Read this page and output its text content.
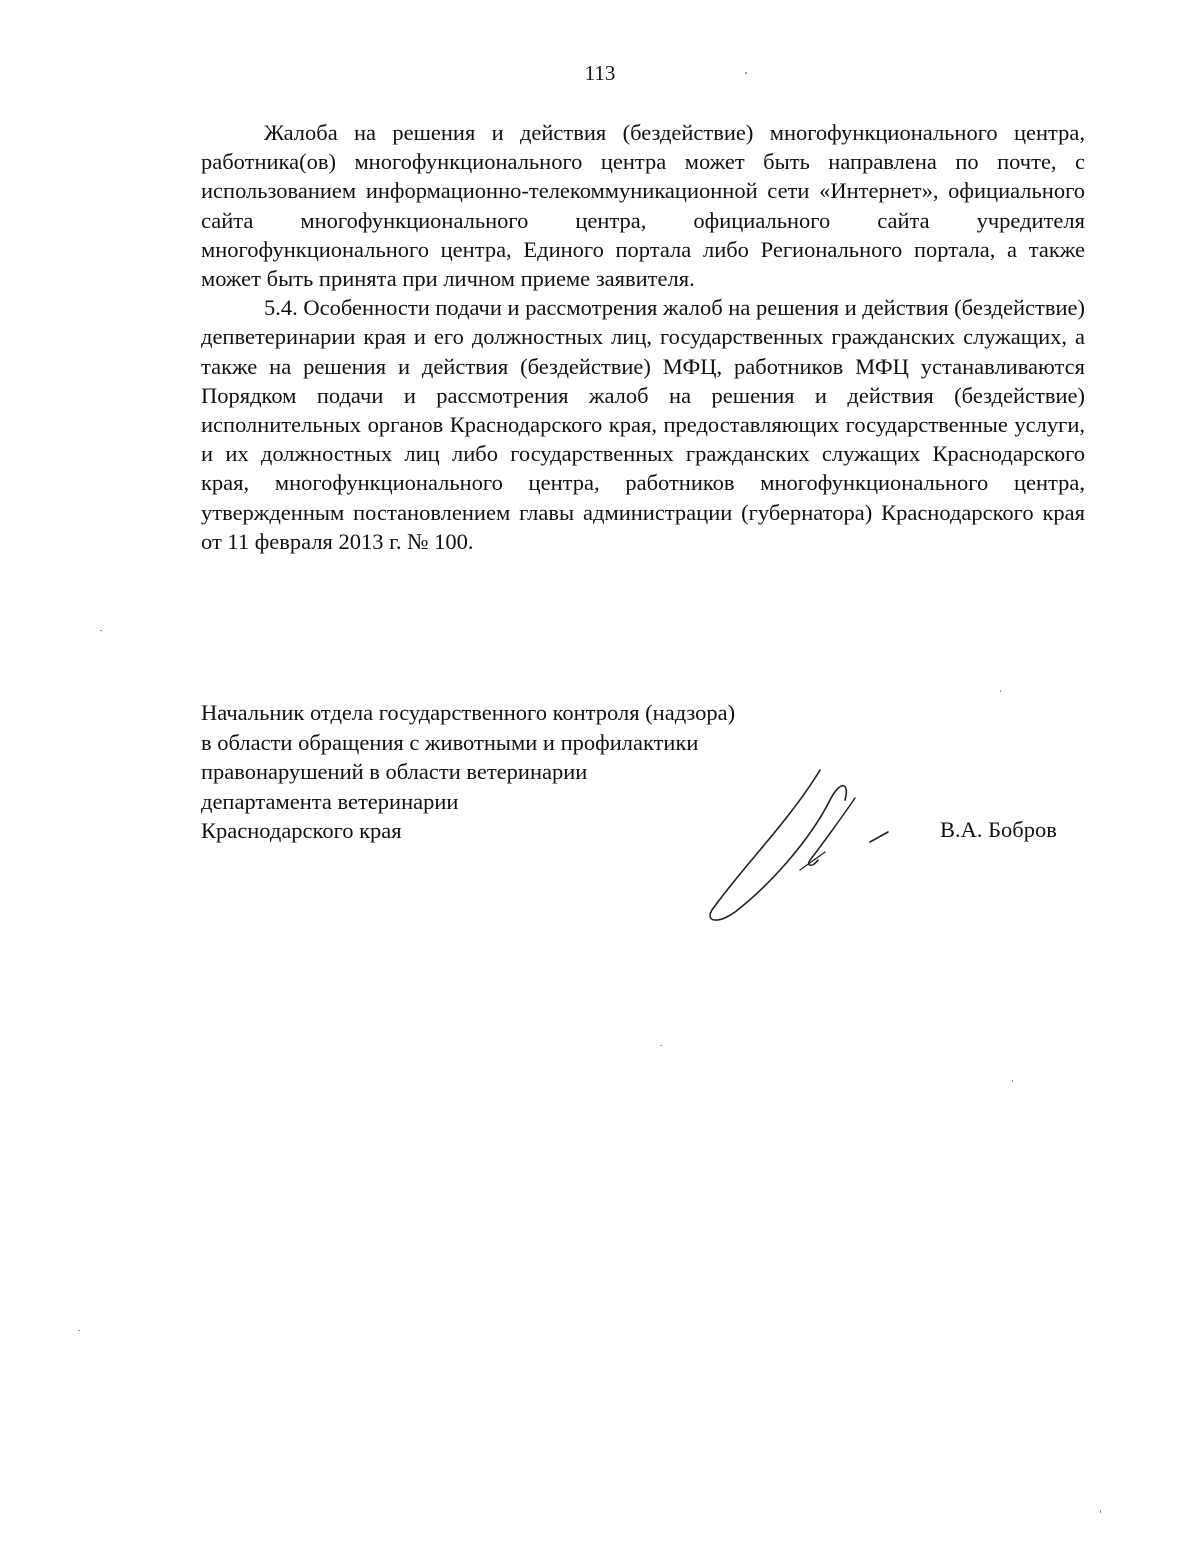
113

Жалоба на решения и действия (бездействие) многофункционального центра, работника(ов) многофункционального центра может быть направлена по почте, с использованием информационно-телекоммуникационной сети «Интернет», официального сайта многофункционального центра, официального сайта учредителя многофункционального центра, Единого портала либо Регионального портала, а также может быть принята при личном приеме заявителя.

5.4. Особенности подачи и рассмотрения жалоб на решения и действия (бездействие) депветеринарии края и его должностных лиц, государственных гражданских служащих, а также на решения и действия (бездействие) МФЦ, работников МФЦ устанавливаются Порядком подачи и рассмотрения жалоб на решения и действия (бездействие) исполнительных органов Краснодарского края, предоставляющих государственные услуги, и их должностных лиц либо государственных гражданских служащих Краснодарского края, многофункционального центра, работников многофункционального центра, утвержденным постановлением главы администрации (губернатора) Краснодарского края от 11 февраля 2013 г. № 100.

Начальник отдела государственного контроля (надзора)
в области обращения с животными и профилактики
правонарушений в области ветеринарии
департамента ветеринарии
Краснодарского края	В.А. Бобров
